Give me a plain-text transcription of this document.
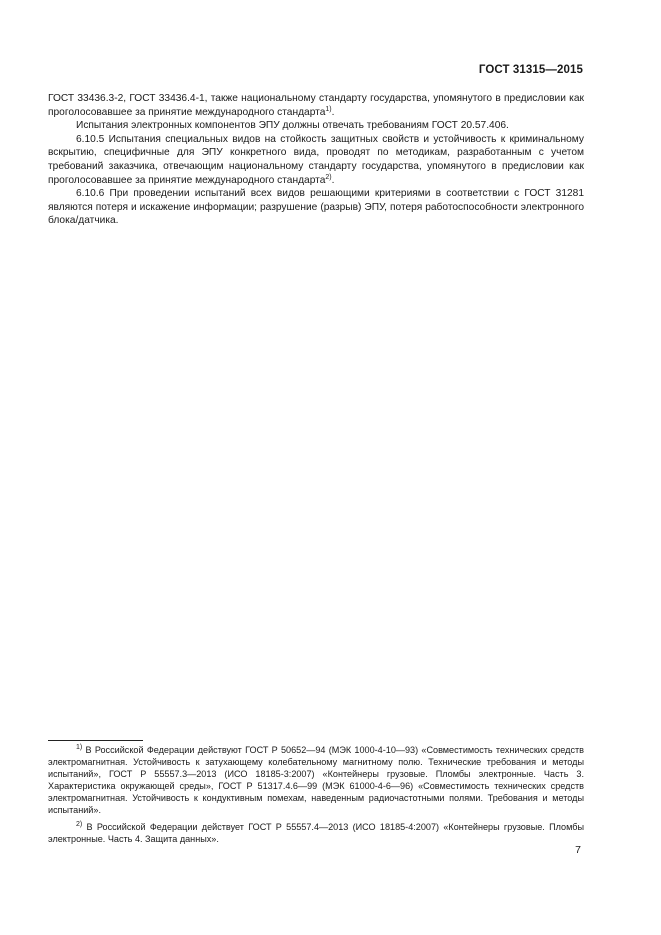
ГОСТ 31315—2015

ГОСТ 33436.3-2, ГОСТ 33436.4-1, также национальному стандарту государства, упомянутого в предисловии как проголосовавшее за принятие международного стандарта$^{1)}$.

Испытания электронных компонентов ЭПУ должны отвечать требованиям ГОСТ 20.57.406.

6.10.5 Испытания специальных видов на стойкость защитных свойств и устойчивость к криминальному вскрытию, специфичные для ЭПУ конкретного вида, проводят по методикам, разработанным с учетом требований заказчика, отвечающим национальному стандарту государства, упомянутого в предисловии как проголосовавшее за принятие международного стандарта$^{2)}$.

6.10.6 При проведении испытаний всех видов решающими критериями в соответствии с ГОСТ 31281 являются потеря и искажение информации; разрушение (разрыв) ЭПУ, потеря работоспособности электронного блока/датчика.

$^{1)}$ В Российской Федерации действуют ГОСТ Р 50652—94 (МЭК 1000-4-10—93) «Совместимость технических средств электромагнитная. Устойчивость к затухающему колебательному магнитному полю. Технические требования и методы испытаний», ГОСТ Р 55557.3—2013 (ИСО 18185-3:2007) «Контейнеры грузовые. Пломбы электронные. Часть 3. Характеристика окружающей среды», ГОСТ Р 51317.4.6—99 (МЭК 61000-4-6—96) «Совместимость технических средств электромагнитная. Устойчивость к кондуктивным помехам, наведенным радиочастотными полями. Требования и методы испытаний».

$^{2)}$ В Российской Федерации действует ГОСТ Р 55557.4—2013 (ИСО 18185-4:2007) «Контейнеры грузовые. Пломбы электронные. Часть 4. Защита данных».

7
